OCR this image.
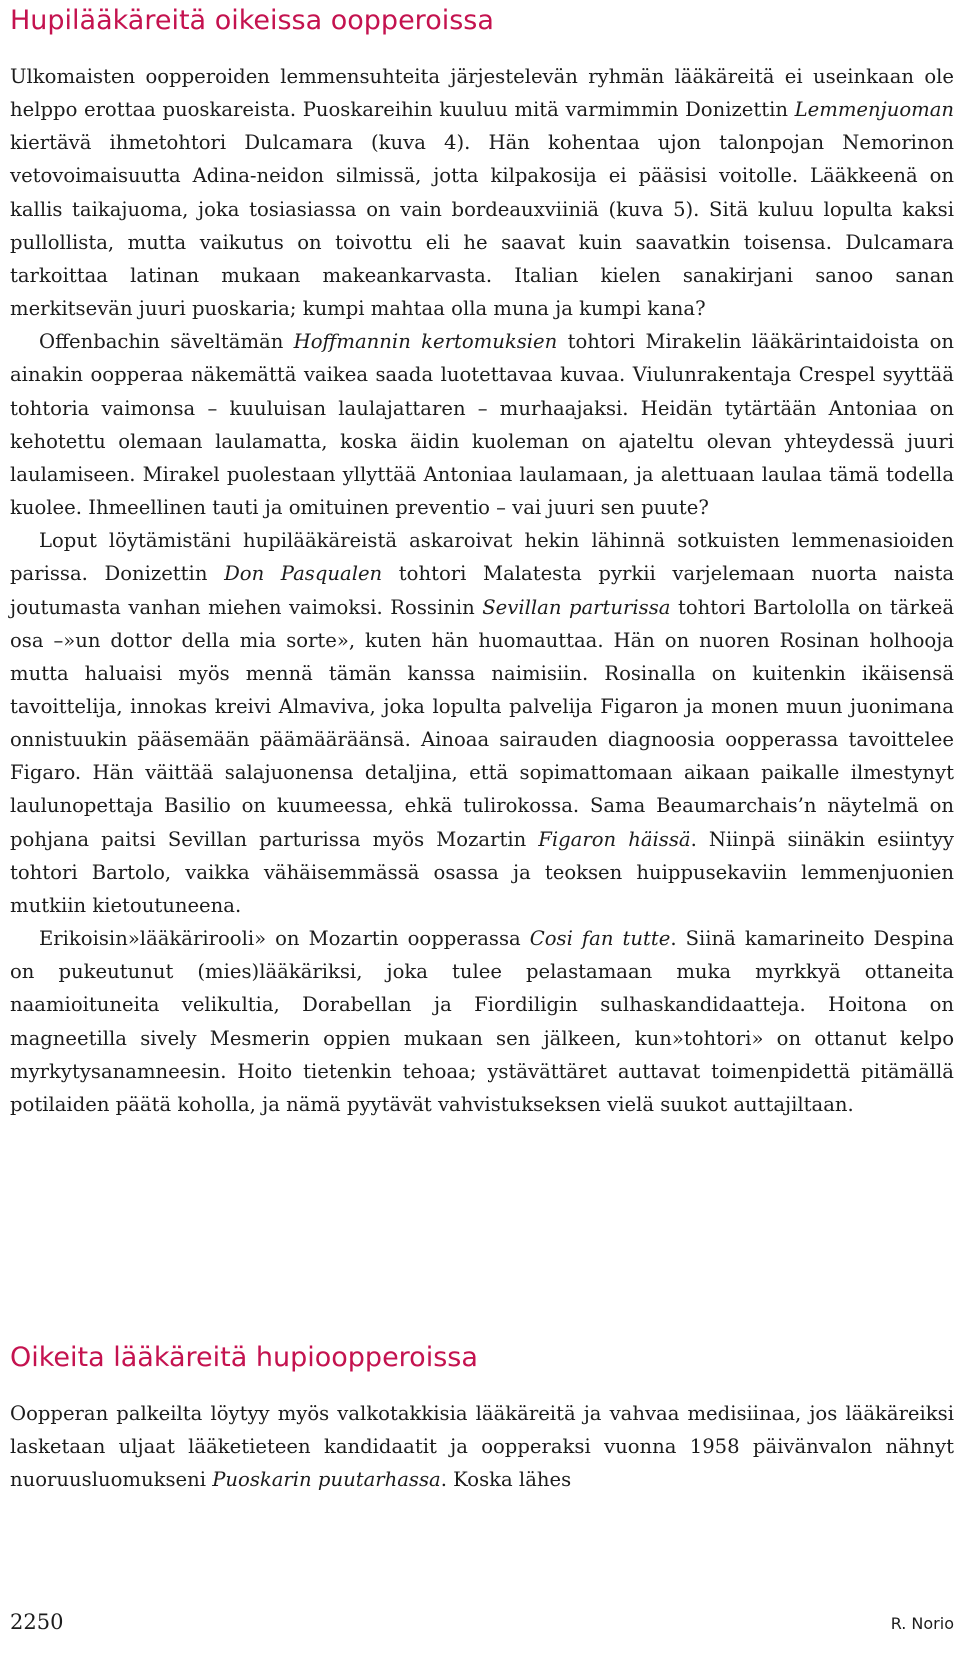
Hupilääkäreitä oikeissa oopperoissa

Ulkomaisten oopperoiden lemmensuhteita järjestelevän ryhmän lääkäreitä ei useinkaan ole helppo erottaa puoskareista. Puoskareihin kuuluu mitä varmimmin Donizettin Lemmenjuoman kiertävä ihmetohtori Dulcamara (kuva 4). Hän kohentaa ujon talonpojan Nemorinon vetovoimaisuutta Adina-neidon silmissä, jotta kilpakosija ei pääsisi voitolle. Lääkkeenä on kallis taikajuoma, joka tosiasiassa on vain bordeauxviiniä (kuva 5). Sitä kuluu lopulta kaksi pullollista, mutta vaikutus on toivottu eli he saavat kuin saavatkin toisensa. Dulcamara tarkoittaa latinan mukaan makeankarvasta. Italian kielen sanakirjani sanoo sanan merkitsevän juuri puoskaria; kumpi mahtaa olla muna ja kumpi kana?

Offenbachin säveltämän Hoffmannin kertomuksien tohtori Mirakelin lääkärintaidoista on ainakin oopperaa näkemättä vaikea saada luotettavaa kuvaa. Viulunrakentaja Crespel syyttää tohtoria vaimonsa – kuuluisan laulajattaren – murhaajaksi. Heidän tytärtään Antoniaa on kehotettu olemaan laulamatta, koska äidin kuoleman on ajateltu olevan yhteydessä juuri laulamiseen. Mirakel puolestaan yllyttää Antoniaa laulamaan, ja alettuaan laulaa tämä todella kuolee. Ihmeellinen tauti ja omituinen preventio – vai juuri sen puute?

Loput löytämistäni hupilääkäreistä askaroivat hekin lähinnä sotkuisten lemmenasioiden parissa. Donizettin Don Pasqualen tohtori Malatesta pyrkii varjelemaan nuorta naista joutumasta vanhan miehen vaimoksi. Rossinin Sevillan parturissa tohtori Bartololla on tärkeä osa –»un dottor della mia sorte», kuten hän huomauttaa. Hän on nuoren Rosinan holhooja mutta haluaisi myös mennä tämän kanssa naimisiin. Rosinalla on kuitenkin ikäisensä tavoittelija, innokas kreivi Almaviva, joka lopulta palvelija Figaron ja monen muun juonimana onnistuukin pääsemään päämääräänsä. Ainoaa sairauden diagnoosia oopperassa tavoittelee Figaro. Hän väittää salajuonensa detaljina, että sopimattomaan aikaan paikalle ilmestynyt laulunopettaja Basilio on kuumeessa, ehkä tulirokossa. Sama Beaumarchais’n näytelmä on pohjana paitsi Sevillan parturissa myös Mozartin Figaron häissä. Niinpä siinäkin esiintyy tohtori Bartolo, vaikka vähäisemmässä osassa ja teoksen huippusekaviin lemmenjuonien mutkiin kietoutuneena.

Erikoisin»lääkärirooli» on Mozartin oopperassa Cosi fan tutte. Siinä kamarineito Despina on pukeutunut (mies)lääkäriksi, joka tulee pelastamaan muka myrkkyä ottaneita naamioituneita velikultia, Dorabellan ja Fiordiligin sulhaskandidaatteja. Hoitona on magneetilla sively Mesmerin oppien mukaan sen jälkeen, kun»tohtori» on ottanut kelpo myrkytysanamneesin. Hoito tietenkin tehoaa; ystävättäret auttavat toimenpidettä pitämällä potilaiden päätä koholla, ja nämä pyytävät vahvistukseksen vielä suukot auttajiltaan.

Oikeita lääkäreitä hupioopperoissa

Oopperan palkeilta löytyy myös valkotakkisia lääkäreitä ja vahvaa medisiinaa, jos lääkäreiksi lasketaan uljaat lääketieteen kandidaatit ja oopperaksi vuonna 1958 päivänvalon nähnyt nuoruusluomukseni Puoskarin puutarhassa. Koska lähes

2250	R. Norio
